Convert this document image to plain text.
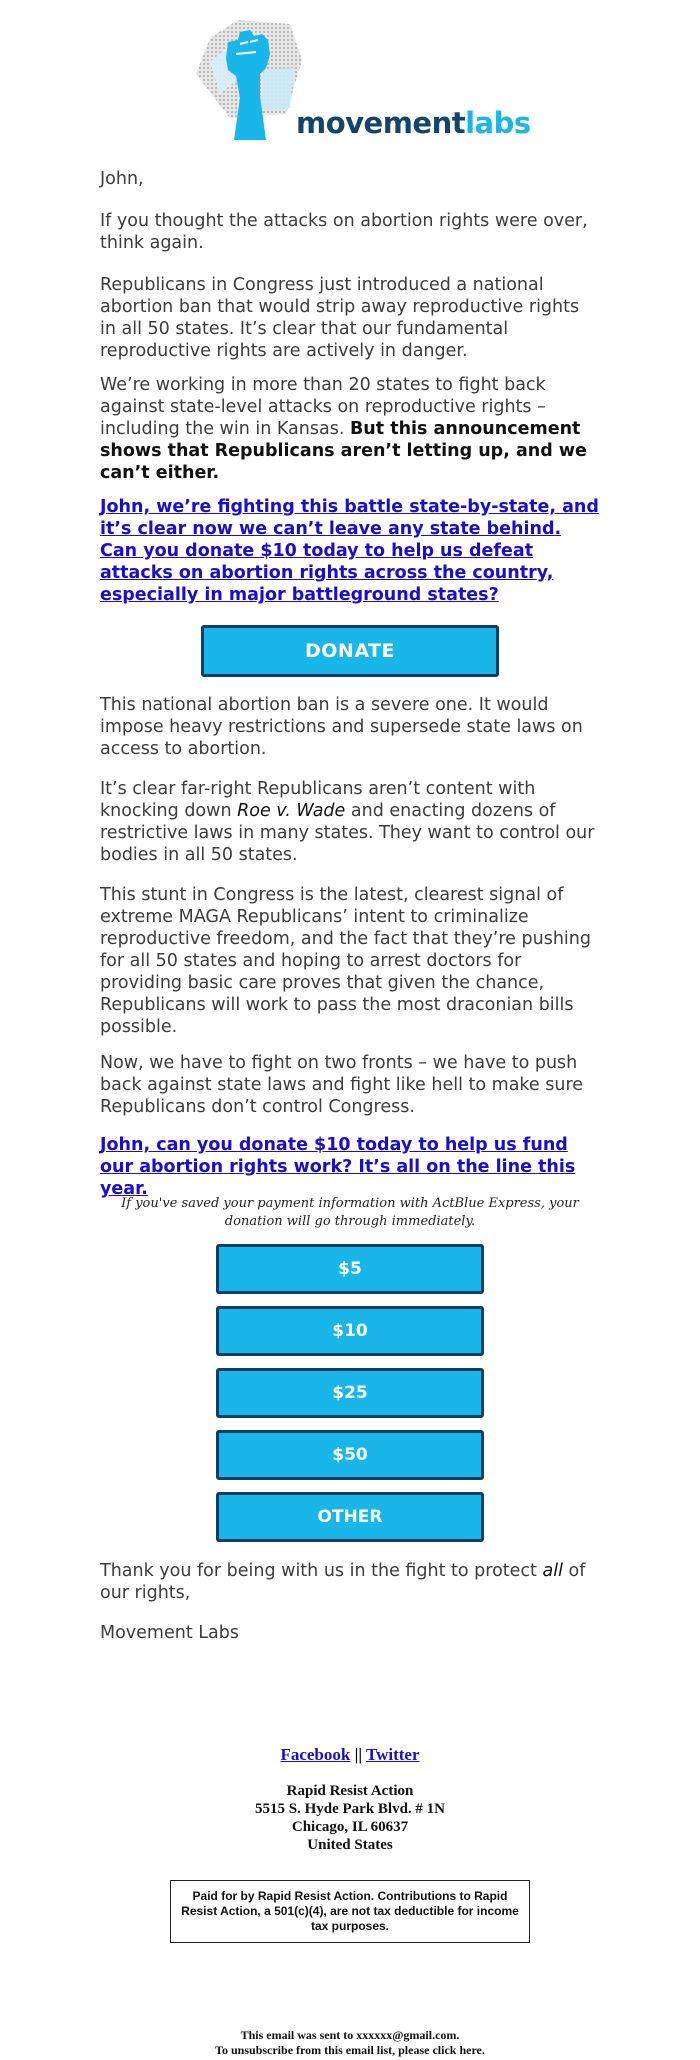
movementlabs

John,

If you thought the attacks on abortion rights were over, think again.

Republicans in Congress just introduced a national abortion ban that would strip away reproductive rights in all 50 states. It’s clear that our fundamental reproductive rights are actively in danger.

We’re working in more than 20 states to fight back against state-level attacks on reproductive rights – including the win in Kansas. But this announcement shows that Republicans aren’t letting up, and we can’t either.

John, we’re fighting this battle state-by-state, and it’s clear now we can’t leave any state behind. Can you donate $10 today to help us defeat attacks on abortion rights across the country, especially in major battleground states?
DONATE

This national abortion ban is a severe one. It would impose heavy restrictions and supersede state laws on access to abortion.

It’s clear far-right Republicans aren’t content with knocking down Roe v. Wade and enacting dozens of restrictive laws in many states. They want to control our bodies in all 50 states.

This stunt in Congress is the latest, clearest signal of extreme MAGA Republicans’ intent to criminalize reproductive freedom, and the fact that they’re pushing for all 50 states and hoping to arrest doctors for providing basic care proves that given the chance, Republicans will work to pass the most draconian bills possible.

Now, we have to fight on two fronts – we have to push back against state laws and fight like hell to make sure Republicans don’t control Congress.

John, can you donate $10 today to help us fund our abortion rights work? It’s all on the line this year.
If you've saved your payment information with ActBlue Express, your donation will go through immediately.
$5
$10
$25
$50
OTHER

Thank you for being with us in the fight to protect all of our rights,

Movement Labs

Facebook || Twitter
Rapid Resist Action
5515 S. Hyde Park Blvd. # 1N
Chicago, IL 60637
United States
Paid for by Rapid Resist Action. Contributions to Rapid Resist Action, a 501(c)(4), are not tax deductible for income tax purposes.
This email was sent to xxxxxx@gmail.com.
To unsubscribe from this email list, please click here.
